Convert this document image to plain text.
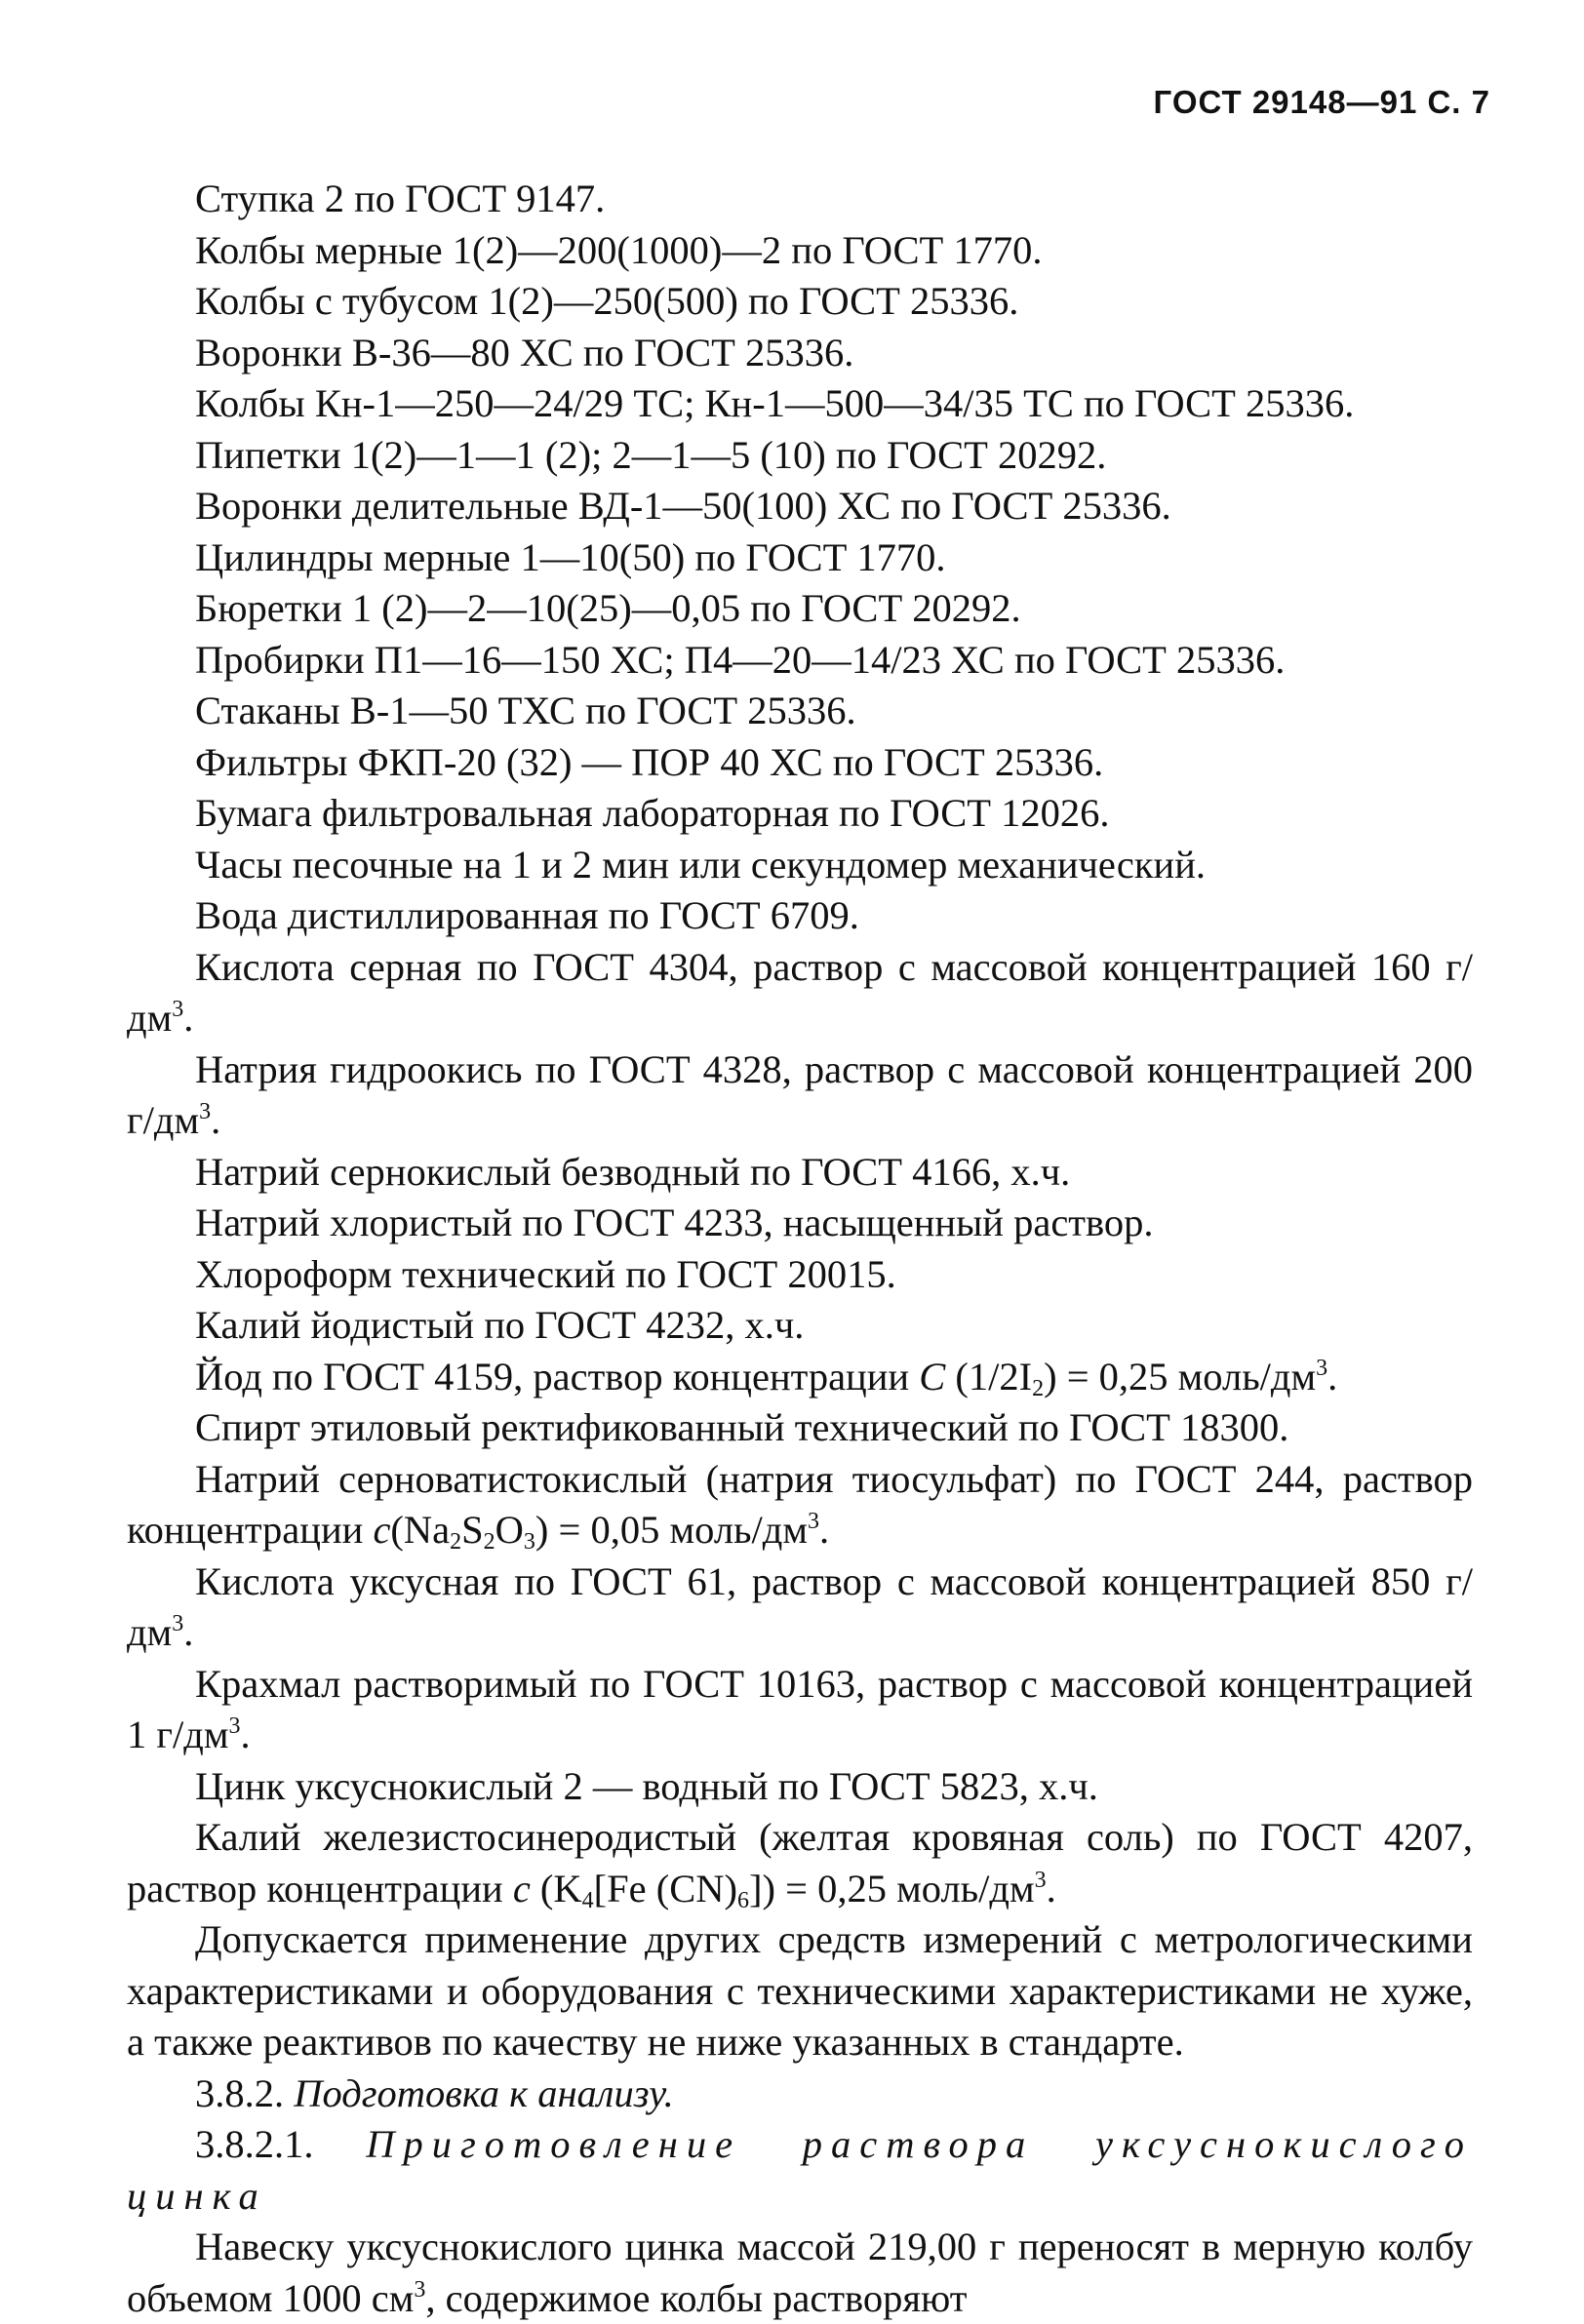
ГОСТ 29148—91 С. 7

Ступка 2 по ГОСТ 9147.

Колбы мерные 1(2)—200(1000)—2 по ГОСТ 1770.

Колбы с тубусом 1(2)—250(500) по ГОСТ 25336.

Воронки В-36—80 ХС по ГОСТ 25336.

Колбы Кн-1—250—24/29 ТС; Кн-1—500—34/35 ТС по ГОСТ 25336.

Пипетки 1(2)—1—1 (2); 2—1—5 (10) по ГОСТ 20292.

Воронки делительные ВД-1—50(100) ХС по ГОСТ 25336.

Цилиндры мерные 1—10(50) по ГОСТ 1770.

Бюретки 1 (2)—2—10(25)—0,05 по ГОСТ 20292.

Пробирки П1—16—150 ХС; П4—20—14/23 ХС по ГОСТ 25336.

Стаканы В-1—50 ТХС по ГОСТ 25336.

Фильтры ФКП-20 (32) — ПОР 40 ХС по ГОСТ 25336.

Бумага фильтровальная лабораторная по ГОСТ 12026.

Часы песочные на 1 и 2 мин или секундомер механический.

Вода дистиллированная по ГОСТ 6709.

Кислота серная по ГОСТ 4304, раствор с массовой концентрацией 160 $г/дм^3$.

Натрия гидроокись по ГОСТ 4328, раствор с массовой концентрацией 200 $г/дм^3$.

Натрий сернокислый безводный по ГОСТ 4166, х.ч.

Натрий хлористый по ГОСТ 4233, насыщенный раствор.

Хлороформ технический по ГОСТ 20015.

Калий йодистый по ГОСТ 4232, х.ч.

Йод по ГОСТ 4159, раствор концентрации C $(1/2I_2) = 0,25$ моль/$дм^3$.

Спирт этиловый ректификованный технический по ГОСТ 18300.

Натрий серноватистокислый (натрия тиосульфат) по ГОСТ 244, раствор концентрации $c(Na_2S_2O_3) = 0,05$ моль/$дм^3$.

Кислота уксусная по ГОСТ 61, раствор с массовой концентрацией 850 $г/дм^3$.

Крахмал растворимый по ГОСТ 10163, раствор с массовой концентрацией 1 $г/дм^3$.

Цинк уксуснокислый 2 — водный по ГОСТ 5823, х.ч.

Калий железистосинеродистый (желтая кровяная соль) по ГОСТ 4207, раствор концентрации c ($K_4[Fe$ $(CN)_6]) = 0,25$ моль/$дм^3$.

Допускается применение других средств измерений с метрологическими характеристиками и оборудования с техническими характеристиками не хуже, а также реактивов по качеству не ниже указанных в стандарте.

3.8.2. Подготовка к анализу.

3.8.2.1. Приготовление раствора уксуснокислого цинка

Навеску уксуснокислого цинка массой 219,00 г переносят в мерную колбу объемом 1000 $см^3$, содержимое колбы растворяют
